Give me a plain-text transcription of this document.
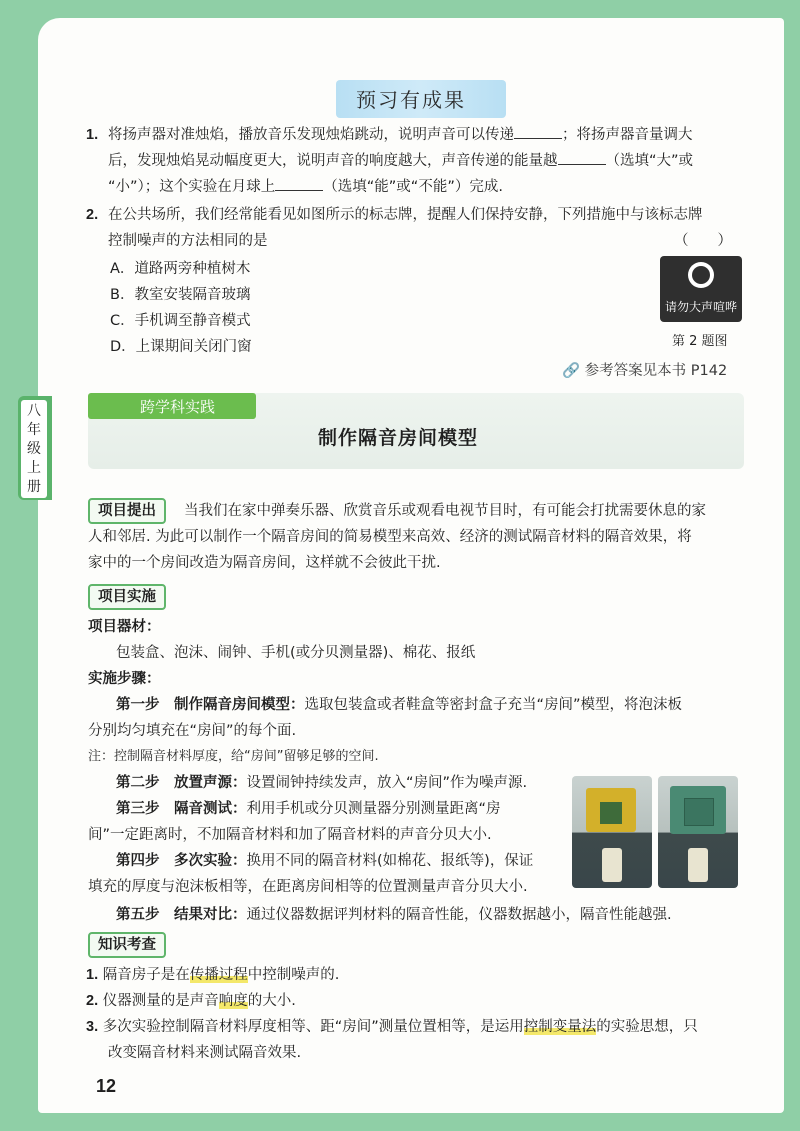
预习有成果
1. 将扬声器对准烛焰，播放音乐发现烛焰跳动，说明声音可以传递	；将扬声器音量调大
后，发现烛焰晃动幅度更大，说明声音的响度越大，声音传递的能量越	（选填“大”或
“小”）；这个实验在月球上	（选填“能”或“不能”）完成.
2. 在公共场所，我们经常能看见如图所示的标志牌，提醒人们保持安静，下列措施中与该标志牌
控制噪声的方法相同的是	（　　）
A．道路两旁种植树木
B．教室安装隔音玻璃
C．手机调至静音模式
D．上课期间关闭门窗
请勿大声喧哗
第 2 题图
🔗 参考答案见本书 P142
跨学科实践
制作隔音房间模型
项目提出	当我们在家中弹奏乐器、欣赏音乐或观看电视节目时，有可能会打扰需要休息的家
人和邻居. 为此可以制作一个隔音房间的简易模型来高效、经济的测试隔音材料的隔音效果，将
家中的一个房间改造为隔音房间，这样就不会彼此干扰.
项目实施
项目器材：
包装盒、泡沫、闹钟、手机(或分贝测量器)、棉花、报纸
实施步骤：
第一步　制作隔音房间模型：选取包装盒或者鞋盒等密封盒子充当“房间”模型，将泡沫板
分别均匀填充在“房间”的每个面.
注：控制隔音材料厚度，给“房间”留够足够的空间.
第二步　放置声源：设置闹钟持续发声，放入“房间”作为噪声源.
第三步　隔音测试：利用手机或分贝测量器分别测量距离“房
间”一定距离时，不加隔音材料和加了隔音材料的声音分贝大小.
第四步　多次实验：换用不同的隔音材料(如棉花、报纸等)，保证
填充的厚度与泡沫板相等，在距离房间相等的位置测量声音分贝大小.
第五步　结果对比：通过仪器数据评判材料的隔音性能，仪器数据越小，隔音性能越强.
知识考查
1. 隔音房子是在传播过程中控制噪声的.
2. 仪器测量的是声音响度的大小.
3. 多次实验控制隔音材料厚度相等、距“房间”测量位置相等，是运用控制变量法的实验思想，只
改变隔音材料来测试隔音效果.
12
八年级上册
